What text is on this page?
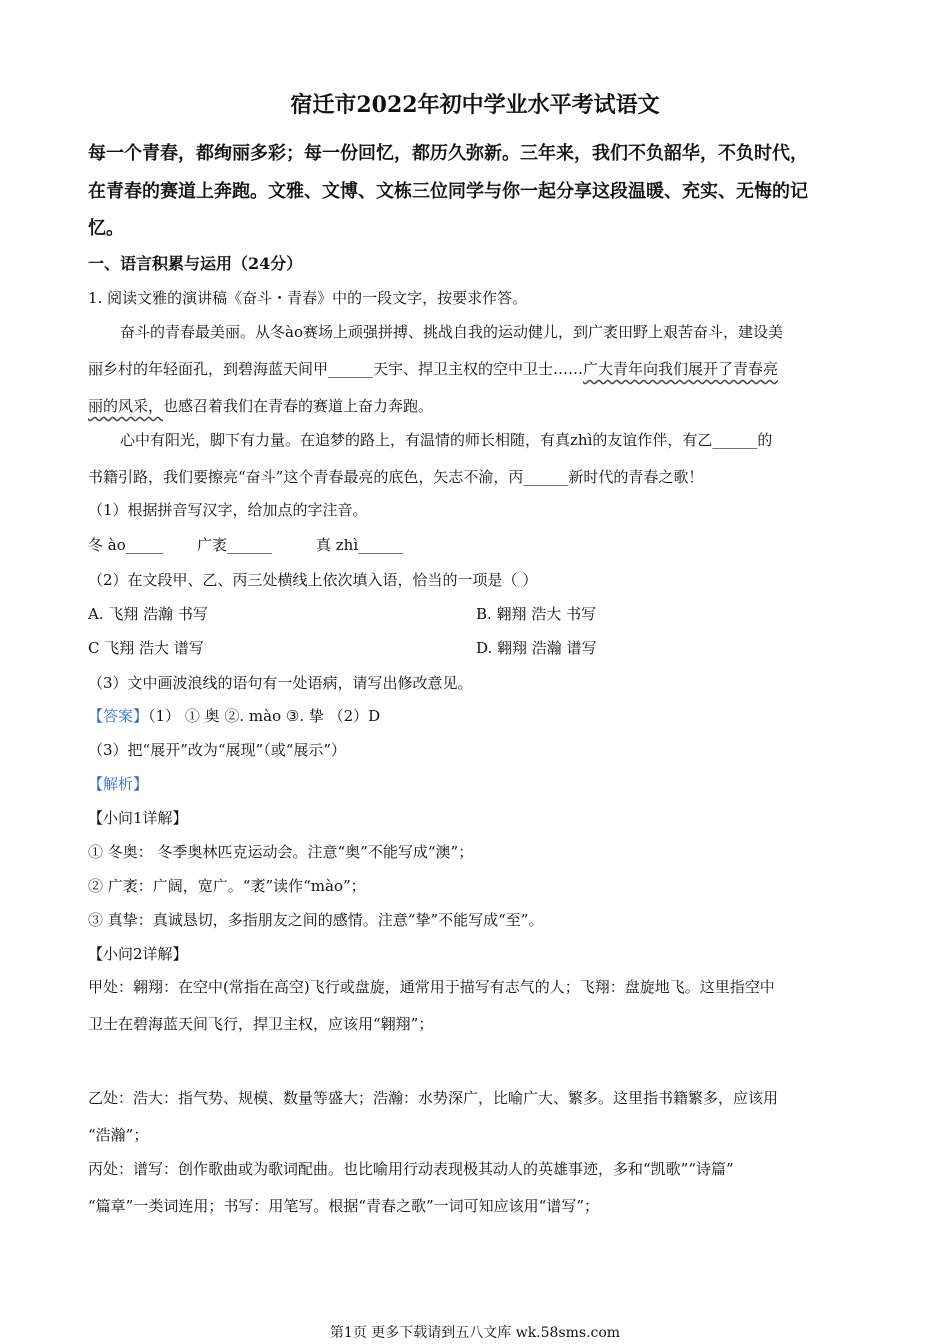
宿迁市2022年初中学业水平考试语文
每一个青春，都绚丽多彩；每一份回忆，都历久弥新。三年来，我们不负韶华，不负时代，
在青春的赛道上奔跑。文雅、文博、文栋三位同学与你一起分享这段温暖、充实、无悔的记
忆。
一、语言积累与运用（24分）
1. 阅读文雅的演讲稿《奋斗・青春》中的一段文字，按要求作答。
奋斗的青春最美丽。从冬ào赛场上顽强拼搏、挑战自我的运动健儿，到广袤田野上艰苦奋斗，建设美
丽乡村的年轻面孔，到碧海蓝天间甲______天宇、捍卫主权的空中卫士……广大青年向我们展开了青春亮
丽的风采，也感召着我们在青春的赛道上奋力奔跑。
心中有阳光，脚下有力量。在追梦的路上，有温情的师长相随，有真zhì的友谊作伴，有乙______的
书籍引路，我们要擦亮“奋斗”这个青春最亮的底色，矢志不渝，丙______新时代的青春之歌！
（1）根据拼音写汉字，给加点的字注音。
冬 ào_____ 广袤______	真 zhì______
（2）在文段甲、乙、丙三处横线上依次填入语，恰当的一项是（ ）
A. 飞翔 浩瀚 书写	B. 翱翔 浩大 书写
C 飞翔 浩大 谱写	D. 翱翔 浩瀚 谱写
（3）文中画波浪线的语句有一处语病，请写出修改意见。
【答案】（1） ① 奥 ②. mào ③. 挚 （2）D
（3）把“展开”改为“展现”（或“展示”）
【解析】
【小问1详解】
① 冬奥： 冬季奥林匹克运动会。注意“奥”不能写成“澳”；
② 广袤：广阔，宽广。“袤”读作“mào”；
③ 真挚：真诚恳切，多指朋友之间的感情。注意“挚”不能写成“至”。
【小问2详解】
甲处：翱翔：在空中(常指在高空)飞行或盘旋，通常用于描写有志气的人；飞翔：盘旋地飞。这里指空中
卫士在碧海蓝天间飞行，捍卫主权，应该用“翱翔”；
乙处：浩大：指气势、规模、数量等盛大；浩瀚：水势深广，比喻广大、繁多。这里指书籍繁多，应该用
“浩瀚”；
丙处：谱写：创作歌曲或为歌词配曲。也比喻用行动表现极其动人的英雄事迹，多和“凯歌”“诗篇”
“篇章”一类词连用；书写：用笔写。根据“青春之歌”一词可知应该用“谱写”；
第1页 更多下载请到五八文库 wk.58sms.com
